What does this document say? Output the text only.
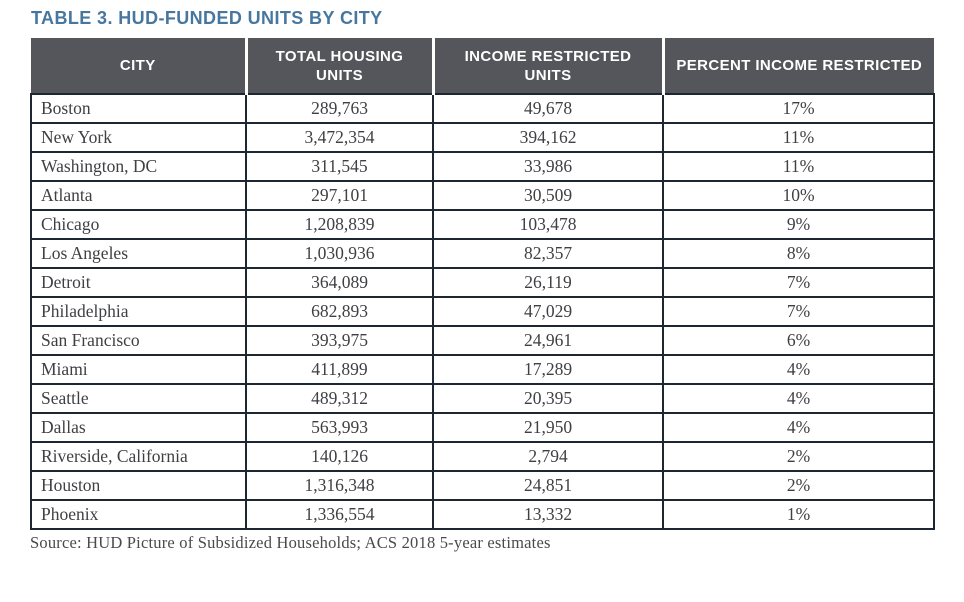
TABLE 3. HUD-FUNDED UNITS BY CITY
CITY	TOTAL HOUSING UNITS	INCOME RESTRICTED UNITS	PERCENT INCOME RESTRICTED
Boston	289,763	49,678	17%
New York	3,472,354	394,162	11%
Washington, DC	311,545	33,986	11%
Atlanta	297,101	30,509	10%
Chicago	1,208,839	103,478	9%
Los Angeles	1,030,936	82,357	8%
Detroit	364,089	26,119	7%
Philadelphia	682,893	47,029	7%
San Francisco	393,975	24,961	6%
Miami	411,899	17,289	4%
Seattle	489,312	20,395	4%
Dallas	563,993	21,950	4%
Riverside, California	140,126	2,794	2%
Houston	1,316,348	24,851	2%
Phoenix	1,336,554	13,332	1%
Source: HUD Picture of Subsidized Households; ACS 2018 5-year estimates
